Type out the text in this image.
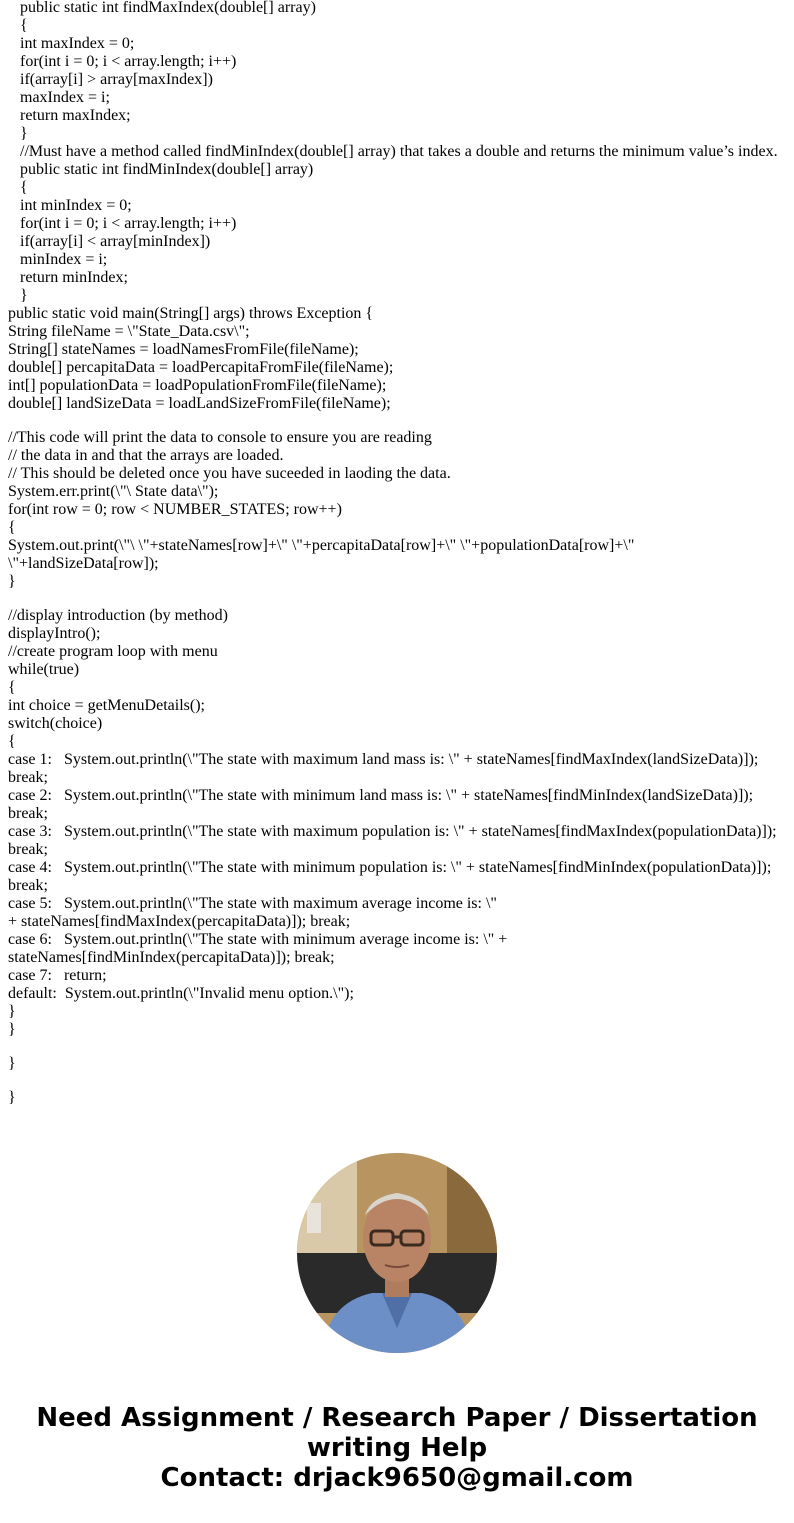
public static int findMaxIndex(double[] array)
{
int maxIndex = 0;
for(int i = 0; i < array.length; i++)
if(array[i] > array[maxIndex])
maxIndex = i;
return maxIndex;
}
//Must have a method called findMinIndex(double[] array) that takes a double and returns the minimum value’s index.
public static int findMinIndex(double[] array)
{
int minIndex = 0;
for(int i = 0; i < array.length; i++)
if(array[i] < array[minIndex])
minIndex = i;
return minIndex;
}
public static void main(String[] args) throws Exception {
String fileName = \"State_Data.csv\";
String[] stateNames = loadNamesFromFile(fileName);
double[] percapitaData = loadPercapitaFromFile(fileName);
int[] populationData = loadPopulationFromFile(fileName);
double[] landSizeData = loadLandSizeFromFile(fileName);
//This code will print the data to console to ensure you are reading
// the data in and that the arrays are loaded.
// This should be deleted once you have suceeded in laoding the data.
System.err.print(\"\ State data\");
for(int row = 0; row < NUMBER_STATES; row++)
{
System.out.print(\"\ \"+stateNames[row]+\" \"+percapitaData[row]+\" \"+populationData[row]+\" \"+landSizeData[row]);
}
//display introduction (by method)
displayIntro();
//create program loop with menu
while(true)
{
int choice = getMenuDetails();
switch(choice)
{
case 1:   System.out.println(\"The state with maximum land mass is: \" + stateNames[findMaxIndex(landSizeData)]); break;
case 2:   System.out.println(\"The state with minimum land mass is: \" + stateNames[findMinIndex(landSizeData)]); break;
case 3:   System.out.println(\"The state with maximum population is: \" + stateNames[findMaxIndex(populationData)]); break;
case 4:   System.out.println(\"The state with minimum population is: \" + stateNames[findMinIndex(populationData)]); break;
case 5:   System.out.println(\"The state with maximum average income is: \" + stateNames[findMaxIndex(percapitaData)]); break;
case 6:   System.out.println(\"The state with minimum average income is: \" + stateNames[findMinIndex(percapitaData)]); break;
case 7:   return;
default:  System.out.println(\"Invalid menu option.\");
}
}
}
}
Need Assignment / Research Paper / Dissertation
writing Help
Contact: drjack9650@gmail.com
